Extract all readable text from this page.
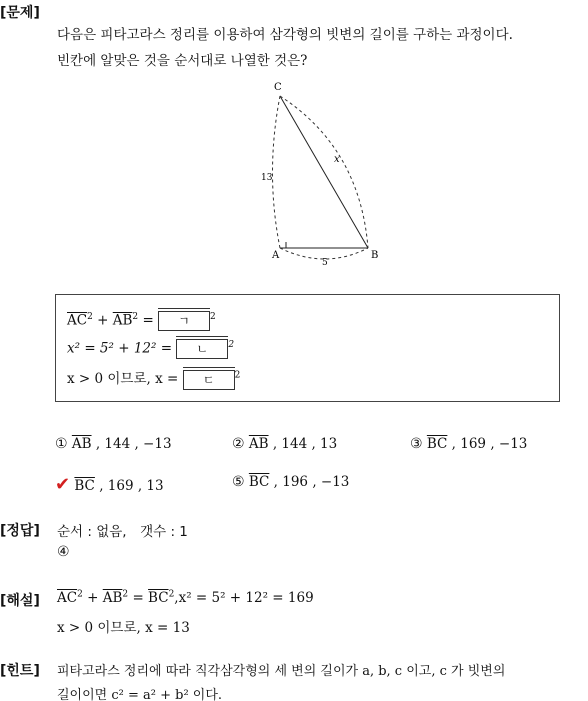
[문제]
다음은 피타고라스 정리를 이용하여 삼각형의 빗변의 길이를 구하는 과정이다.
빈칸에 알맞은 것을 순서대로 나열한 것은?
C
A	B
13
x
5
$\overline{AC}^2 + \overline{AB}^2$ = ㄱ $^2$
x² = 5² + 12² = ㄴ $^2$
x > 0 이므로, x = ㄷ $^2$
① $\overline{AB}$ , 144 , −13	② $\overline{AB}$ , 144 , 13	③ $\overline{BC}$ , 169 , −13
✔ $\overline{BC}$ , 169 , 13	⑤ $\overline{BC}$ , 196 , −13
[정답] 순서 : 없음,　갯수 : 1
④
[해설] $\overline{AC}^2 + \overline{AB}^2 = \overline{BC}^2,x^2 = 5^2 + 12^2 = 169$
x > 0 이므로, x = 13
[힌트] 피타고라스 정리에 따라 직각삼각형의 세 변의 길이가 a, b, c 이고, c 가 빗변의
길이이면 c² = a² + b² 이다.
